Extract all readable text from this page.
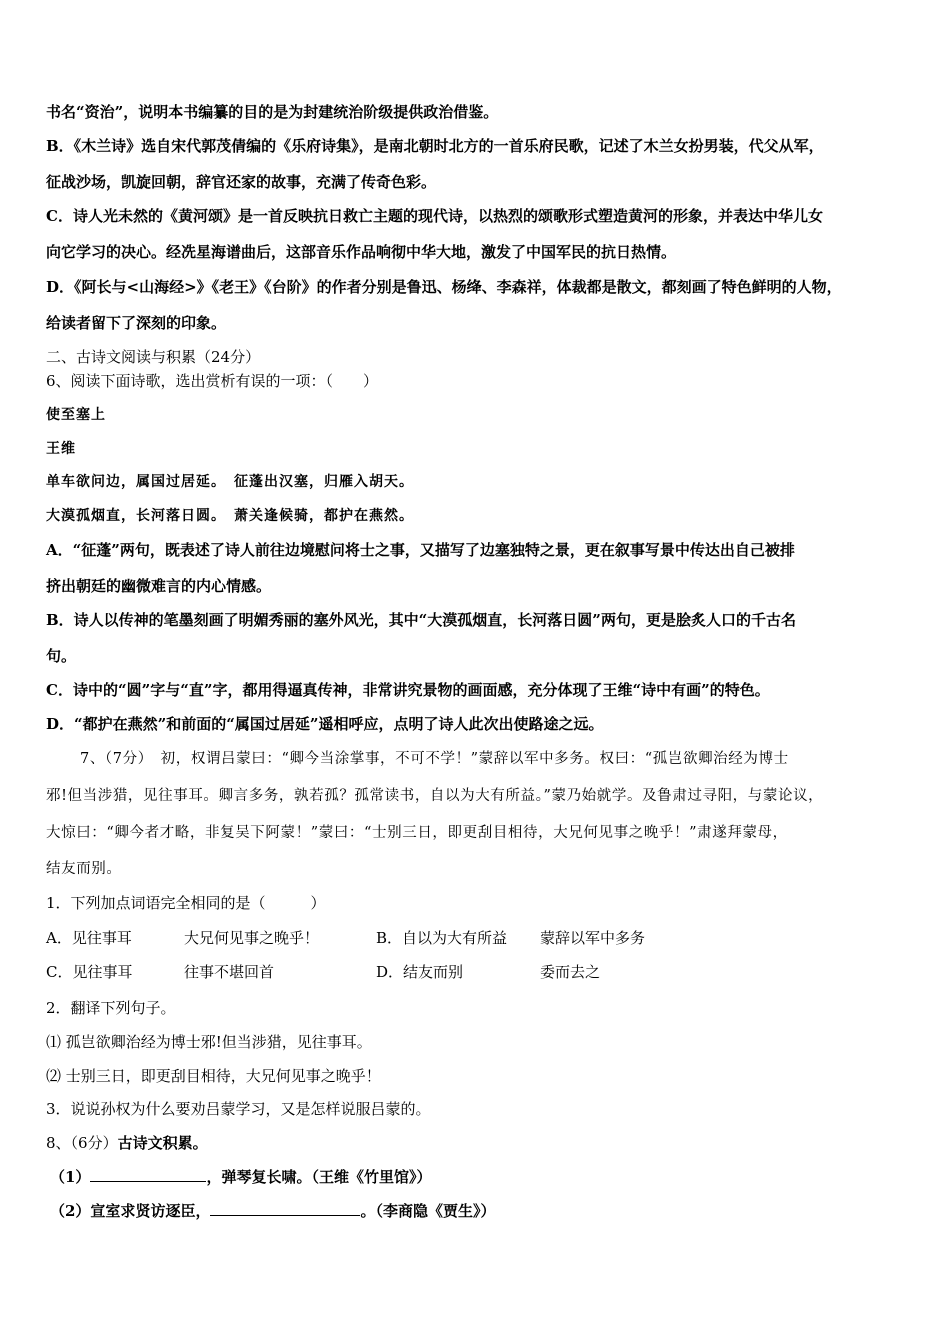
书名“资治”，说明本书编纂的目的是为封建统治阶级提供政治借鉴。
B．《木兰诗》选自宋代郭茂倩编的《乐府诗集》，是南北朝时北方的一首乐府民歌，记述了木兰女扮男装，代父从军，
征战沙场，凯旋回朝，辞官还家的故事，充满了传奇色彩。
C．诗人光未然的《黄河颂》是一首反映抗日救亡主题的现代诗，以热烈的颂歌形式塑造黄河的形象，并表达中华儿女
向它学习的决心。经冼星海谱曲后，这部音乐作品响彻中华大地，激发了中国军民的抗日热情。
D．《阿长与<山海经>》《老王》《台阶》的作者分别是鲁迅、杨绛、李森祥，体裁都是散文，都刻画了特色鲜明的人物，
给读者留下了深刻的印象。
二、古诗文阅读与积累（24分）
6、阅读下面诗歌，选出赏析有误的一项：（　　）
使至塞上
王维
单车欲问边，属国过居延。　征蓬出汉塞，归雁入胡天。
大漠孤烟直，长河落日圆。　萧关逢候骑，都护在燕然。
A．“征蓬”两句，既表述了诗人前往边境慰问将士之事，又描写了边塞独特之景，更在叙事写景中传达出自己被排
挤出朝廷的幽微难言的内心情感。
B．诗人以传神的笔墨刻画了明媚秀丽的塞外风光，其中“大漠孤烟直，长河落日圆”两句，更是脍炙人口的千古名
句。
C．诗中的“圆”字与“直”字，都用得逼真传神，非常讲究景物的画面感，充分体现了王维“诗中有画”的特色。
D．“都护在燕然”和前面的“属国过居延”遥相呼应，点明了诗人此次出使路途之远。
7、（7分）　初，权谓吕蒙曰：“卿今当涂掌事，不可不学！”蒙辞以军中多务。权曰：“孤岂欲卿治经为博士
邪!但当涉猎，见往事耳。卿言多务，孰若孤？孤常读书，自以为大有所益。”蒙乃始就学。及鲁肃过寻阳，与蒙论议，
大惊曰：“卿今者才略，非复吴下阿蒙！”蒙曰：“士别三日，即更刮目相待，大兄何见事之晚乎！”肃遂拜蒙母，
结友而别。
1．下列加点词语完全相同的是（　　　）
A．见往事耳	大兄何见事之晚乎！	B．自以为大有所益 蒙辞以军中多务
C．见往事耳	往事不堪回首	D．结友而别	委而去之
2．翻译下列句子。
⑴ 孤岂欲卿治经为博士邪!但当涉猎，见往事耳。
⑵ 士别三日，即更刮目相待，大兄何见事之晚乎！
3．说说孙权为什么要劝吕蒙学习，又是怎样说服吕蒙的。
8、（6分）古诗文积累。
（1）	，弹琴复长啸。（王维《竹里馆》）
（2）宣室求贤访逐臣，	。（李商隐《贾生》）
